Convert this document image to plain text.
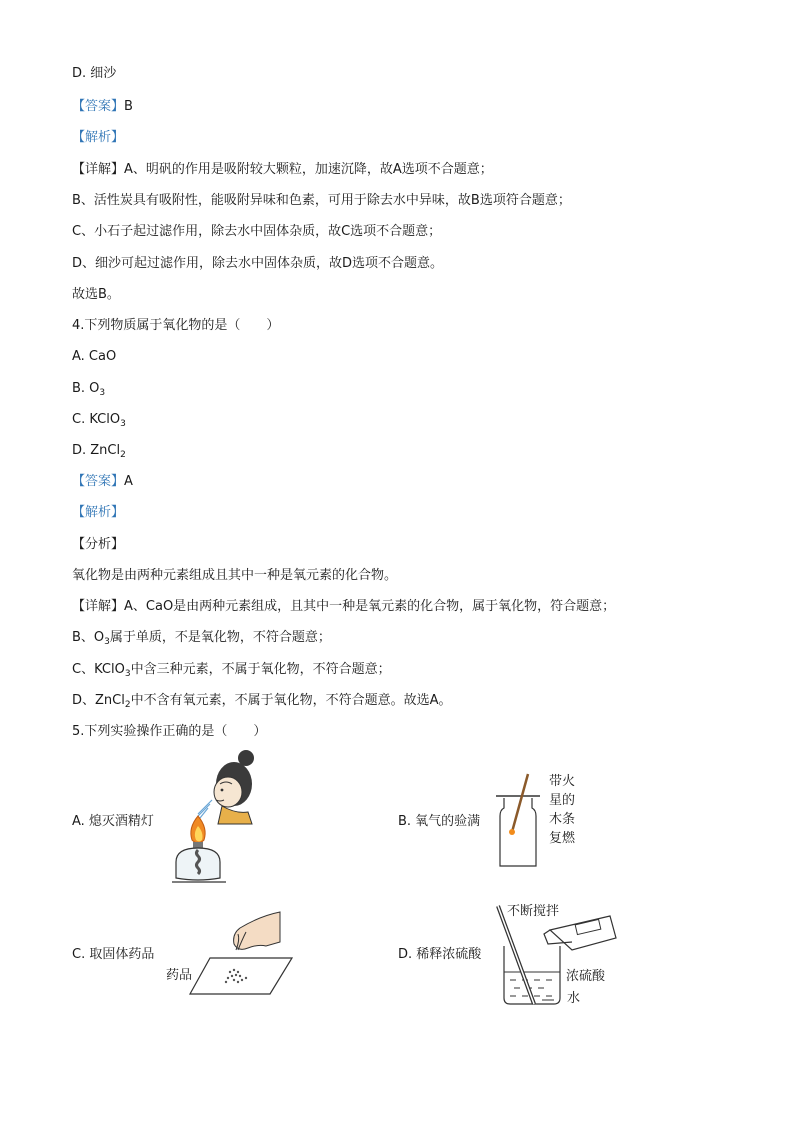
D. 细沙
【答案】B
【解析】
【详解】A、明矾的作用是吸附较大颗粒，加速沉降，故A选项不合题意；
B、活性炭具有吸附性，能吸附异味和色素，可用于除去水中异味，故B选项符合题意；
C、小石子起过滤作用，除去水中固体杂质，故C选项不合题意；
D、细沙可起过滤作用，除去水中固体杂质，故D选项不合题意。
故选B。
4.下列物质属于氧化物的是（　　）
A. CaO
B. $O_3$
C. KClO$_3$
D. ZnCl$_2$
【答案】A
【解析】
【分析】
氧化物是由两种元素组成且其中一种是氧元素的化合物。
【详解】A、CaO是由两种元素组成，且其中一种是氧元素的化合物，属于氧化物，符合题意；
B、$O_3$属于单质，不是氧化物，不符合题意；
C、KClO$_3$中含三种元素，不属于氧化物，不符合题意；
D、ZnCl$_2$中不含有氧元素，不属于氧化物，不符合题意。故选A。
5.下列实验操作正确的是（　　）
A. 熄灭酒精灯	B. 氧气的验满
带火
星的
木条
复燃
C. 取固体药品
药品
D. 稀释浓硫酸
不断搅拌
浓硫酸
水
